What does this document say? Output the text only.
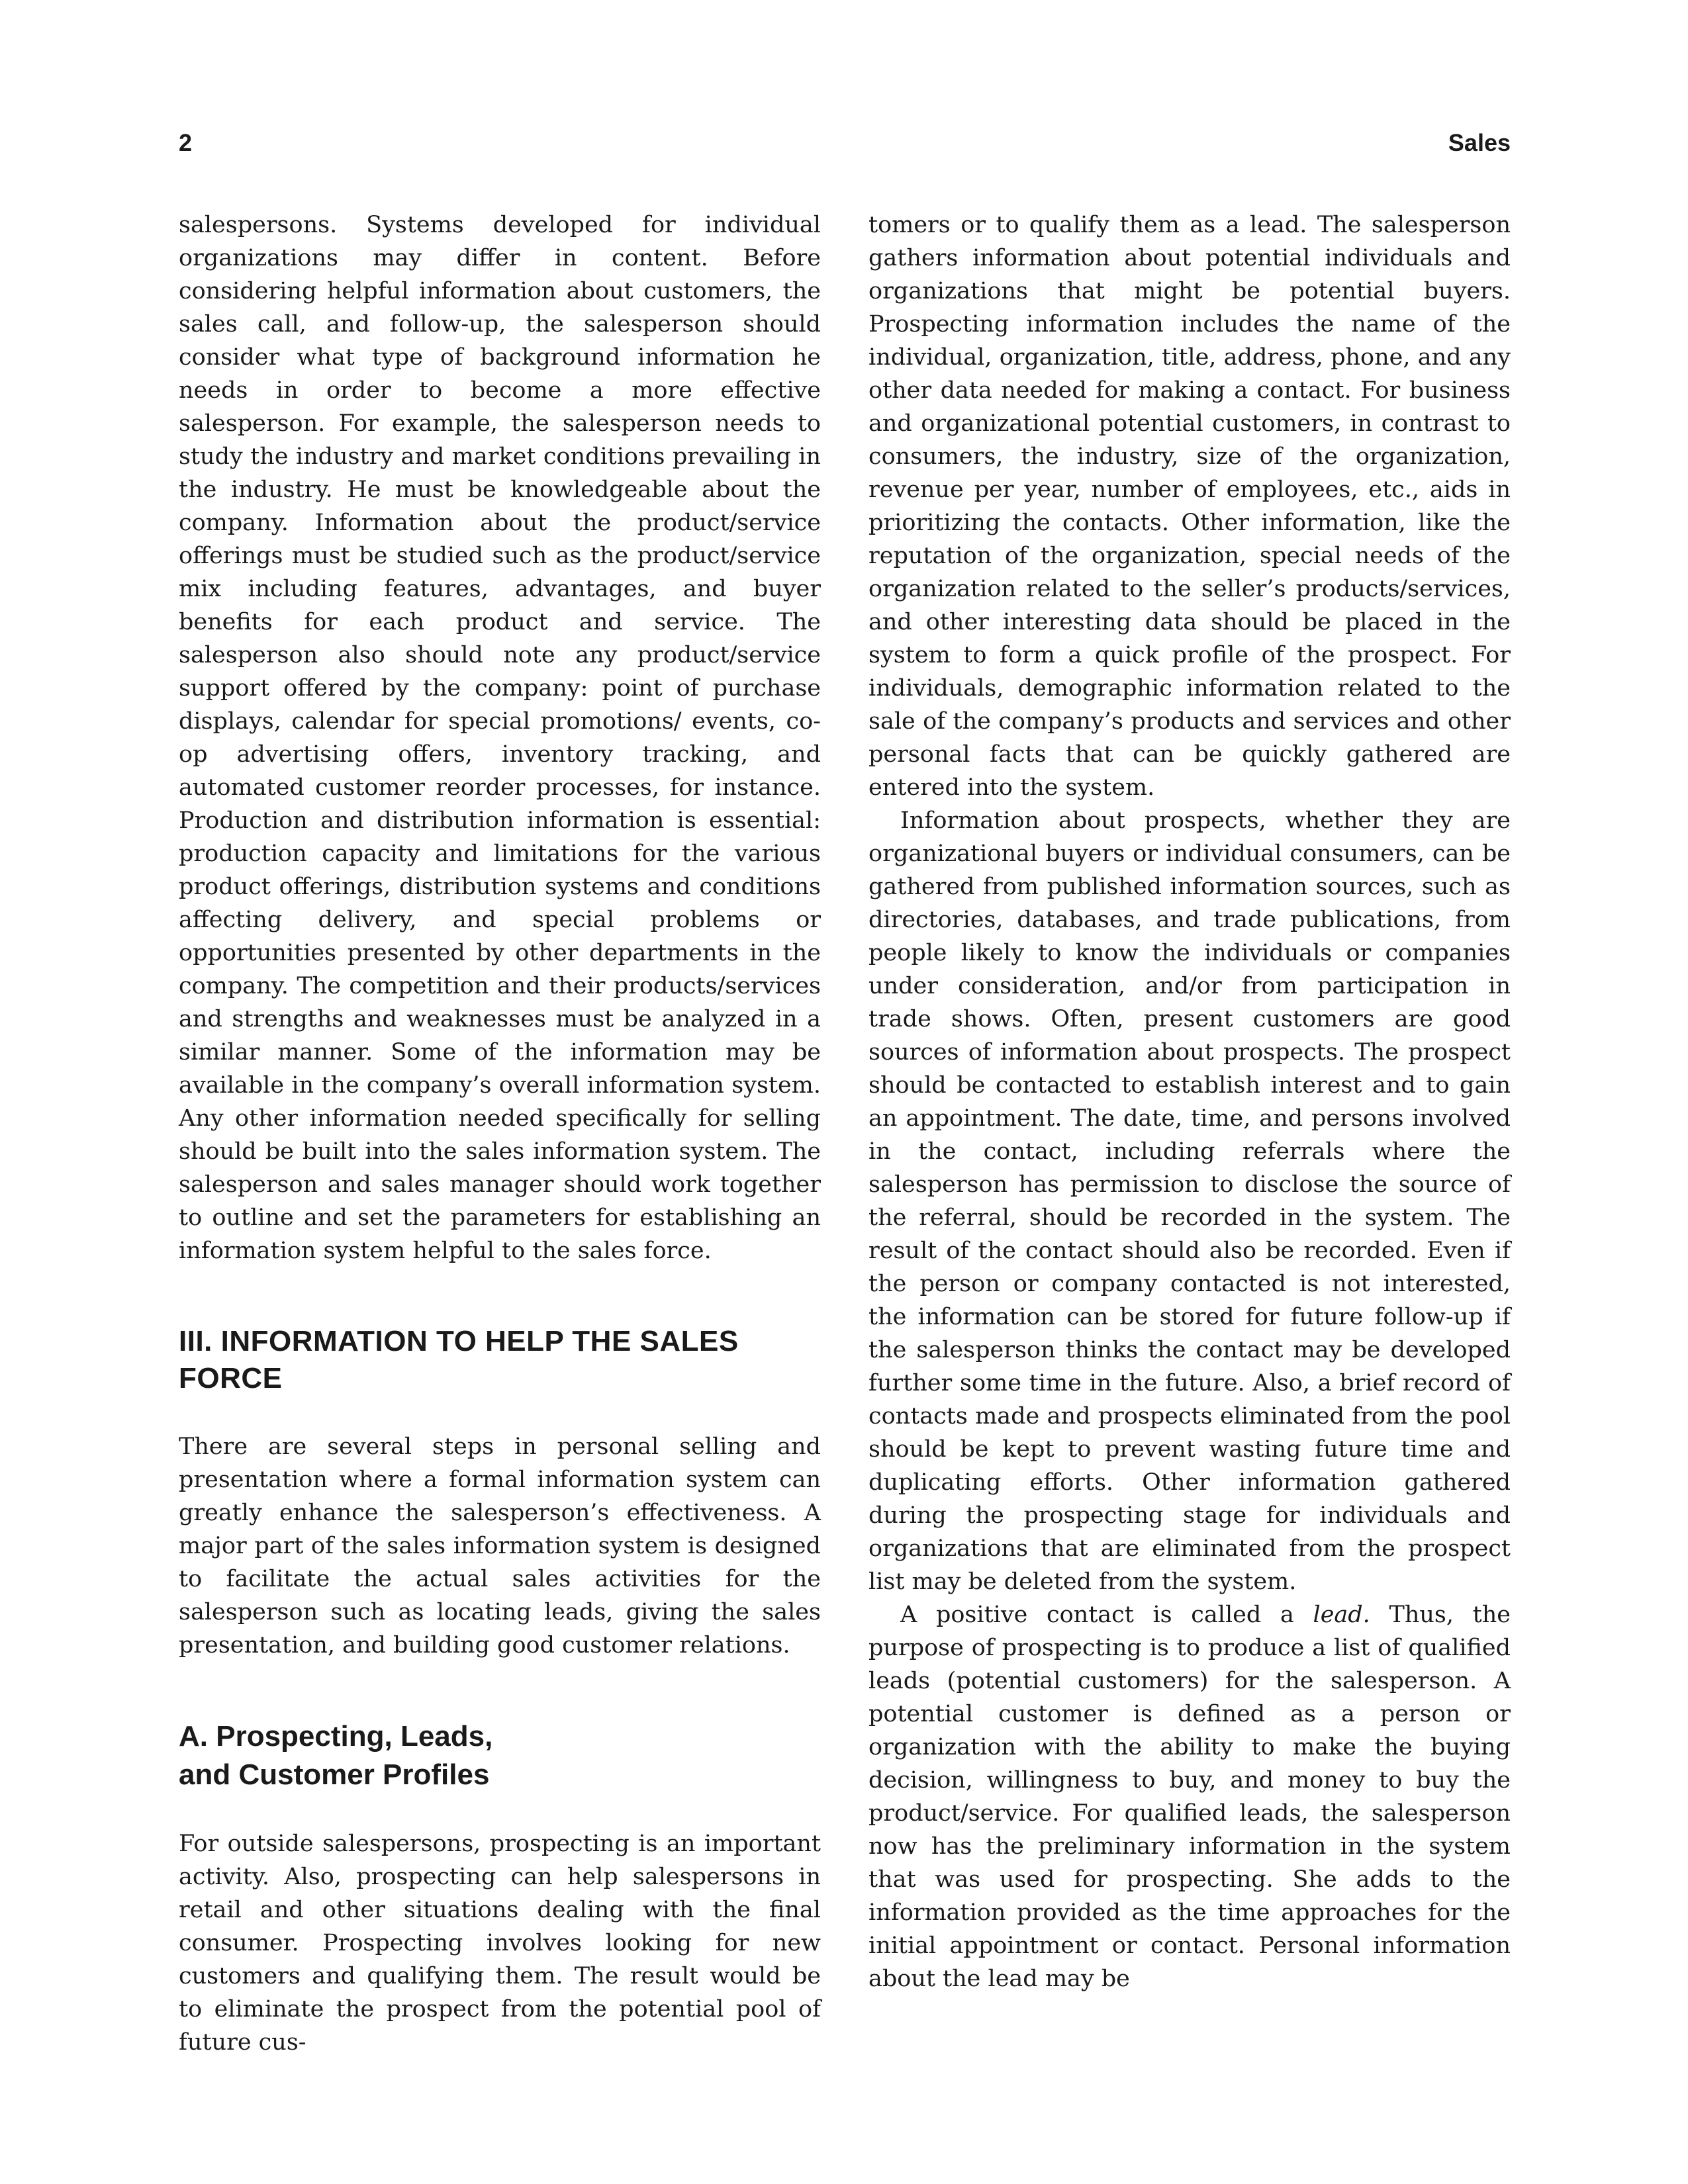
2	Sales

salespersons. Systems developed for individual organizations may differ in content. Before considering helpful information about customers, the sales call, and follow-up, the salesperson should consider what type of background information he needs in order to become a more effective salesperson. For example, the salesperson needs to study the industry and market conditions prevailing in the industry. He must be knowledgeable about the company. Information about the product/service offerings must be studied such as the product/service mix including features, advantages, and buyer benefits for each product and service. The salesperson also should note any product/service support offered by the company: point of purchase displays, calendar for special promotions/ events, co-op advertising offers, inventory tracking, and automated customer reorder processes, for instance. Production and distribution information is essential: production capacity and limitations for the various product offerings, distribution systems and conditions affecting delivery, and special problems or opportunities presented by other departments in the company. The competition and their products/services and strengths and weaknesses must be analyzed in a similar manner. Some of the information may be available in the company’s overall information system. Any other information needed specifically for selling should be built into the sales information system. The salesperson and sales manager should work together to outline and set the parameters for establishing an information system helpful to the sales force.

III. INFORMATION TO HELP THE SALES FORCE

There are several steps in personal selling and presentation where a formal information system can greatly enhance the salesperson’s effectiveness. A major part of the sales information system is designed to facilitate the actual sales activities for the salesperson such as locating leads, giving the sales presentation, and building good customer relations.

A. Prospecting, Leads,
and Customer Profiles

For outside salespersons, prospecting is an important activity. Also, prospecting can help salespersons in retail and other situations dealing with the final consumer. Prospecting involves looking for new customers and qualifying them. The result would be to eliminate the prospect from the potential pool of future cus-

tomers or to qualify them as a lead. The salesperson gathers information about potential individuals and organizations that might be potential buyers. Prospecting information includes the name of the individual, organization, title, address, phone, and any other data needed for making a contact. For business and organizational potential customers, in contrast to consumers, the industry, size of the organization, revenue per year, number of employees, etc., aids in prioritizing the contacts. Other information, like the reputation of the organization, special needs of the organization related to the seller’s products/services, and other interesting data should be placed in the system to form a quick profile of the prospect. For individuals, demographic information related to the sale of the company’s products and services and other personal facts that can be quickly gathered are entered into the system.

Information about prospects, whether they are organizational buyers or individual consumers, can be gathered from published information sources, such as directories, databases, and trade publications, from people likely to know the individuals or companies under consideration, and/or from participation in trade shows. Often, present customers are good sources of information about prospects. The prospect should be contacted to establish interest and to gain an appointment. The date, time, and persons involved in the contact, including referrals where the salesperson has permission to disclose the source of the referral, should be recorded in the system. The result of the contact should also be recorded. Even if the person or company contacted is not interested, the information can be stored for future follow-up if the salesperson thinks the contact may be developed further some time in the future. Also, a brief record of contacts made and prospects eliminated from the pool should be kept to prevent wasting future time and duplicating efforts. Other information gathered during the prospecting stage for individuals and organizations that are eliminated from the prospect list may be deleted from the system.

A positive contact is called a lead. Thus, the purpose of prospecting is to produce a list of qualified leads (potential customers) for the salesperson. A potential customer is defined as a person or organization with the ability to make the buying decision, willingness to buy, and money to buy the product/service. For qualified leads, the salesperson now has the preliminary information in the system that was used for prospecting. She adds to the information provided as the time approaches for the initial appointment or contact. Personal information about the lead may be
